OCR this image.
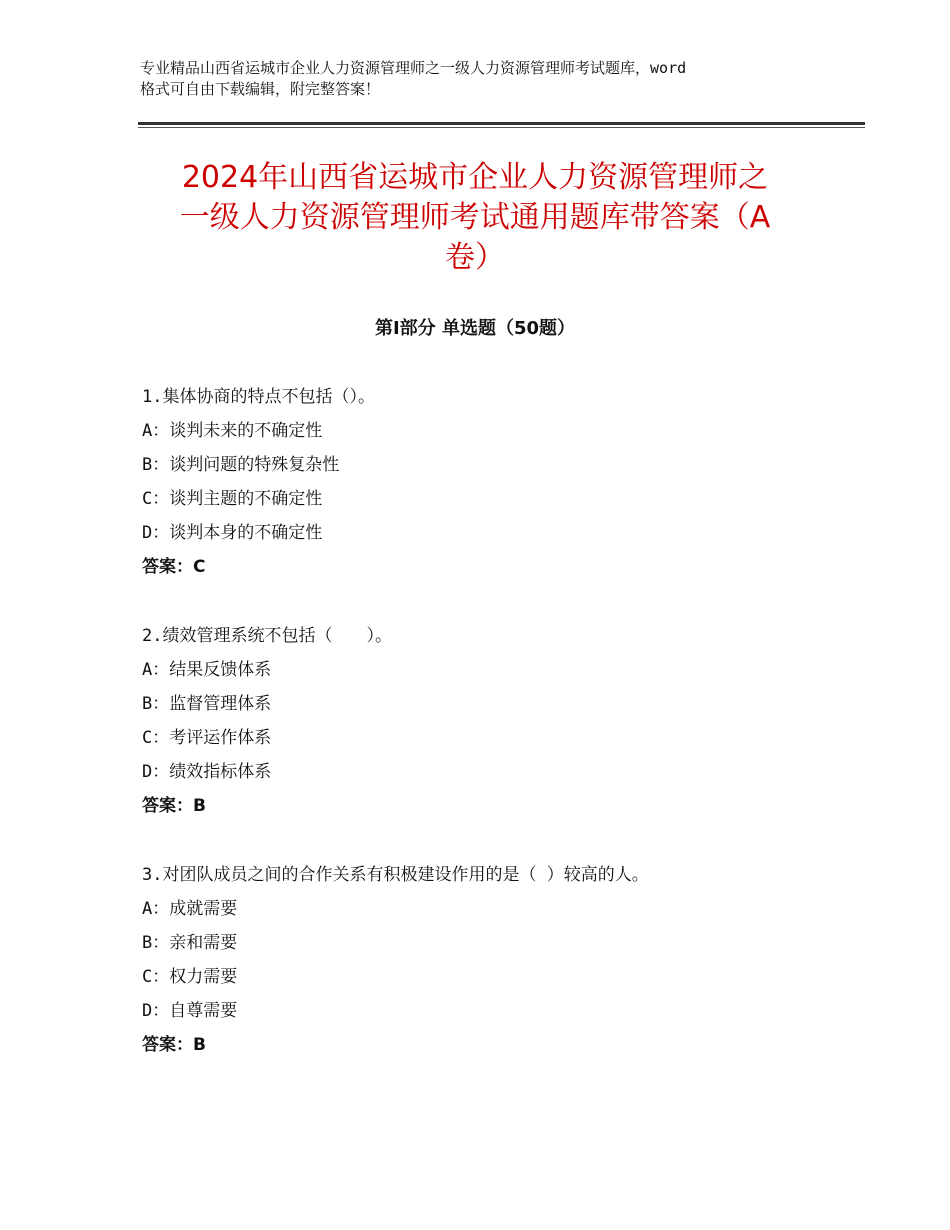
专业精品山西省运城市企业人力资源管理师之一级人力资源管理师考试题库，word
格式可自由下载编辑，附完整答案！
2024年山西省运城市企业人力资源管理师之
一级人力资源管理师考试通用题库带答案（A
卷）
第Ⅰ部分 单选题（50题）
1.集体协商的特点不包括（）。
A：谈判未来的不确定性
B：谈判问题的特殊复杂性
C：谈判主题的不确定性
D：谈判本身的不确定性
答案：C
2.绩效管理系统不包括（　　）。
A：结果反馈体系
B：监督管理体系
C：考评运作体系
D：绩效指标体系
答案：B
3.对团队成员之间的合作关系有积极建设作用的是（ ）较高的人。
A：成就需要
B：亲和需要
C：权力需要
D：自尊需要
答案：B
